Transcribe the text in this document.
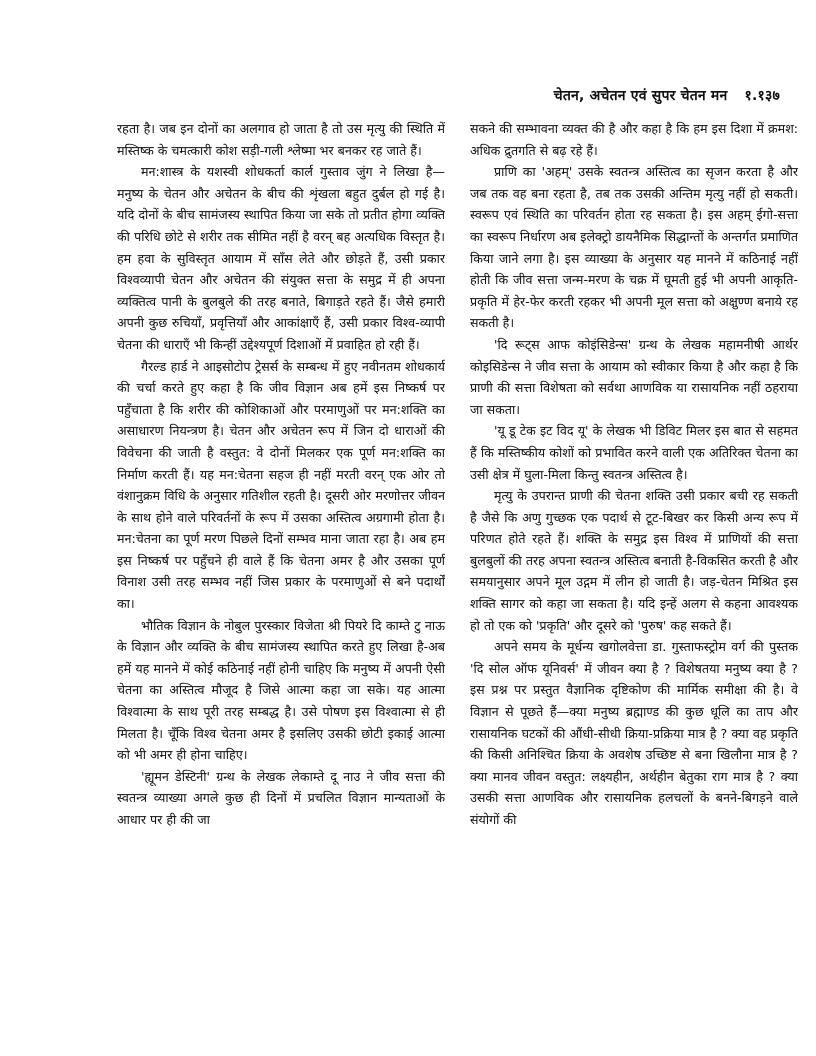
चेतन, अचेतन एवं सुपर चेतन मन १.१३७

रहता है। जब इन दोनों का अलगाव हो जाता है तो उस मृत्यु की स्थिति में मस्तिष्क के चमत्कारी कोश सड़ी-गली श्लेष्मा भर बनकर रह जाते हैं।

मन:शास्त्र के यशस्वी शोधकर्ता कार्ल गुस्ताव जुंग ने लिखा है—मनुष्य के चेतन और अचेतन के बीच की शृंखला बहुत दुर्बल हो गई है। यदि दोनों के बीच सामंजस्य स्थापित किया जा सके तो प्रतीत होगा व्यक्ति की परिधि छोटे से शरीर तक सीमित नहीं है वरन् बह अत्यधिक विस्तृत है। हम हवा के सुविस्तृत आयाम में साँस लेते और छोड़ते हैं, उसी प्रकार विश्वव्यापी चेतन और अचेतन की संयुक्त सत्ता के समुद्र में ही अपना व्यक्तित्व पानी के बुलबुले की तरह बनाते, बिगाड़ते रहते हैं। जैसे हमारी अपनी कुछ रुचियाँ, प्रवृत्तियाँ और आकांक्षाएँ हैं, उसी प्रकार विश्व-व्यापी चेतना की धाराएँ भी किन्हीं उद्देश्यपूर्ण दिशाओं में प्रवाहित हो रही हैं।

गैरल्ड हार्ड ने आइसोटोप ट्रेसर्स के सम्बन्ध में हुए नवीनतम शोधकार्य की चर्चा करते हुए कहा है कि जीव विज्ञान अब हमें इस निष्कर्ष पर पहुँचाता है कि शरीर की कोशिकाओं और परमाणुओं पर मन:शक्ति का असाधारण नियन्त्रण है। चेतन और अचेतन रूप में जिन दो धाराओं की विवेचना की जाती है वस्तुत: वे दोनों मिलकर एक पूर्ण मन:शक्ति का निर्माण करती हैं। यह मन:चेतना सहज ही नहीं मरती वरन् एक ओर तो वंशानुक्रम विधि के अनुसार गतिशील रहती है। दूसरी ओर मरणोत्तर जीवन के साथ होने वाले परिवर्तनों के रूप में उसका अस्तित्व अग्रगामी होता है। मन:चेतना का पूर्ण मरण पिछले दिनों सम्भव माना जाता रहा है। अब हम इस निष्कर्ष पर पहुँचने ही वाले हैं कि चेतना अमर है और उसका पूर्ण विनाश उसी तरह सम्भव नहीं जिस प्रकार के परमाणुओं से बने पदार्थों का।

भौतिक विज्ञान के नोबुल पुरस्कार विजेता श्री पियरे दि काम्ते टु नाऊ के विज्ञान और व्यक्ति के बीच सामंजस्य स्थापित करते हुए लिखा है-अब हमें यह मानने में कोई कठिनाई नहीं होनी चाहिए कि मनुष्य में अपनी ऐसी चेतना का अस्तित्व मौजूद है जिसे आत्मा कहा जा सके। यह आत्मा विश्वात्मा के साथ पूरी तरह सम्बद्ध है। उसे पोषण इस विश्वात्मा से ही मिलता है। चूँकि विश्व चेतना अमर है इसलिए उसकी छोटी इकाई आत्मा को भी अमर ही होना चाहिए।

'ह्यूमन डेस्टिनी' ग्रन्थ के लेखक लेकाम्ते दू नाउ ने जीव सत्ता की स्वतन्त्र व्याख्या अगले कुछ ही दिनों में प्रचलित विज्ञान मान्यताओं के आधार पर ही की जा

सकने की सम्भावना व्यक्त की है और कहा है कि हम इस दिशा में क्रमश: अधिक द्रुतगति से बढ़ रहे हैं।

प्राणि का 'अहम्' उसके स्वतन्त्र अस्तित्व का सृजन करता है और जब तक वह बना रहता है, तब तक उसकी अन्तिम मृत्यु नहीं हो सकती। स्वरूप एवं स्थिति का परिवर्तन होता रह सकता है। इस अहम् ईगो-सत्ता का स्वरूप निर्धारण अब इलेक्ट्रो डायनैमिक सिद्धान्तों के अन्तर्गत प्रमाणित किया जाने लगा है। इस व्याख्या के अनुसार यह मानने में कठिनाई नहीं होती कि जीव सत्ता जन्म-मरण के चक्र में घूमती हुई भी अपनी आकृति-प्रकृति में हेर-फेर करती रहकर भी अपनी मूल सत्ता को अक्षुण्ण बनाये रह सकती है।

'दि रूट्स आफ कोइंसिडेन्स' ग्रन्थ के लेखक महामनीषी आर्थर कोइसिडेन्स ने जीव सत्ता के आयाम को स्वीकार किया है और कहा है कि प्राणी की सत्ता विशेषता को सर्वथा आणविक या रासायनिक नहीं ठहराया जा सकता।

'यू डू टेक इट विद यू' के लेखक भी डिविट मिलर इस बात से सहमत हैं कि मस्तिष्कीय कोशों को प्रभावित करने वाली एक अतिरिक्त चेतना का उसी क्षेत्र में घुला-मिला किन्तु स्वतन्त्र अस्तित्व है।

मृत्यु के उपरान्त प्राणी की चेतना शक्ति उसी प्रकार बची रह सकती है जैसे कि अणु गुच्छक एक पदार्थ से टूट-बिखर कर किसी अन्य रूप में परिणत होते रहते हैं। शक्ति के समुद्र इस विश्व में प्राणियों की सत्ता बुलबुलों की तरह अपना स्वतन्त्र अस्तित्व बनाती है-विकसित करती है और समयानुसार अपने मूल उद्गम में लीन हो जाती है। जड़-चेतन मिश्रित इस शक्ति सागर को कहा जा सकता है। यदि इन्हें अलग से कहना आवश्यक हो तो एक को 'प्रकृति' और दूसरे को 'पुरुष' कह सकते हैं।

अपने समय के मूर्धन्य खगोलवेत्ता डा. गुस्ताफस्ट्रोम वर्ग की पुस्तक 'दि सोल ऑफ यूनिवर्स' में जीवन क्या है ? विशेषतया मनुष्य क्या है ? इस प्रश्न पर प्रस्तुत वैज्ञानिक दृष्टिकोण की मार्मिक समीक्षा की है। वे विज्ञान से पूछते हैं—क्या मनुष्य ब्रह्माण्ड की कुछ धूलि का ताप और रासायनिक घटकों की औंधी-सीधी क्रिया-प्रक्रिया मात्र है ? क्या वह प्रकृति की किसी अनिश्चित क्रिया के अवशेष उच्छिष्ट से बना खिलौना मात्र है ? क्या मानव जीवन वस्तुत: लक्ष्यहीन, अर्थहीन बेतुका राग मात्र है ? क्या उसकी सत्ता आणविक और रासायनिक हलचलों के बनने-बिगड़ने वाले संयोगों की
